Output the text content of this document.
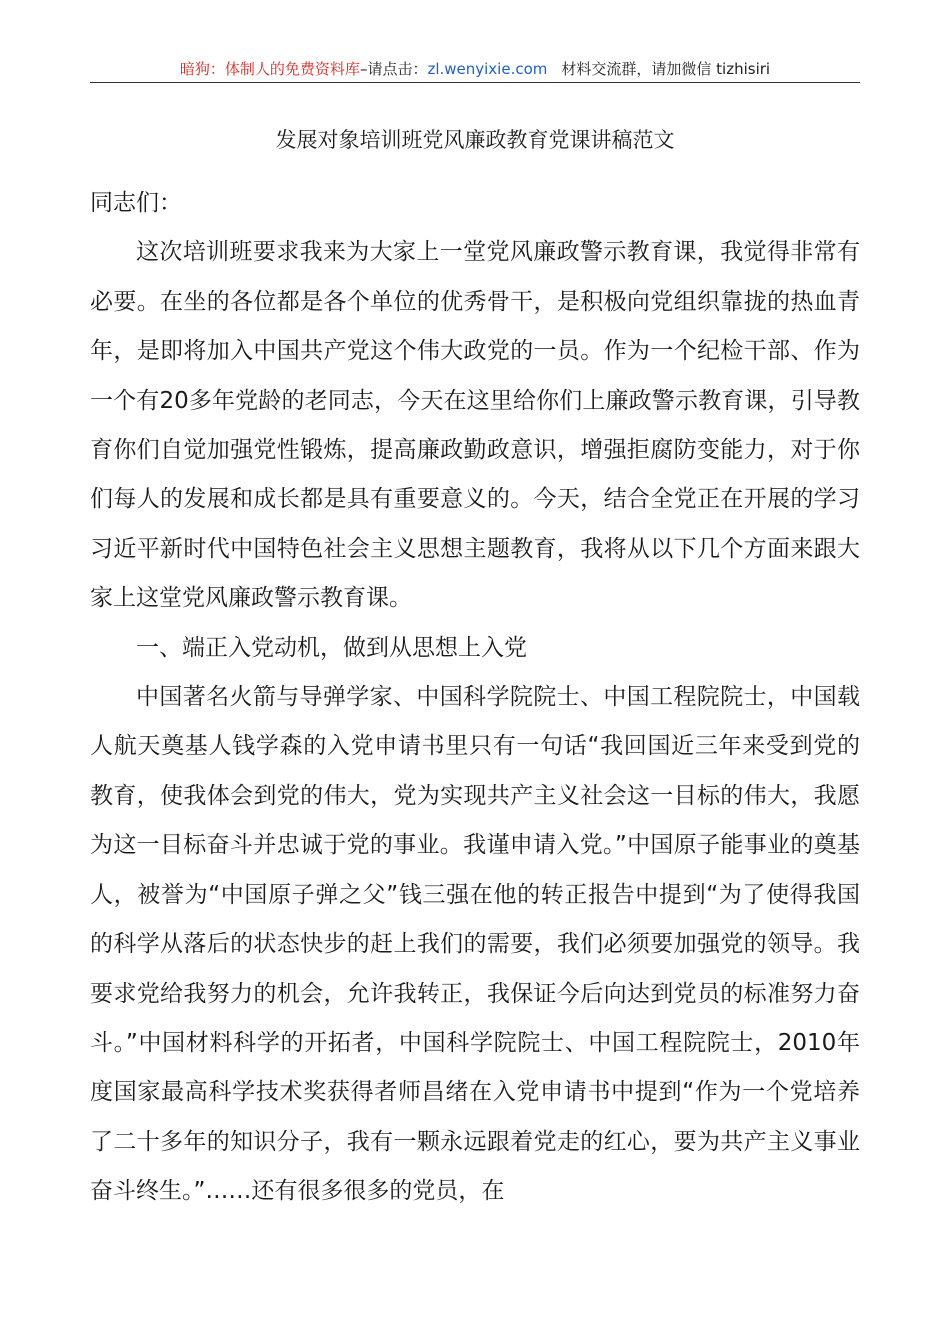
暗狗：体制人的免费资料库–请点击：zl.wenyixie.com 材料交流群，请加微信 tizhisiri
发展对象培训班党风廉政教育党课讲稿范文

同志们：

这次培训班要求我来为大家上一堂党风廉政警示教育课，我觉得非常有必要。在坐的各位都是各个单位的优秀骨干，是积极向党组织靠拢的热血青年，是即将加入中国共产党这个伟大政党的一员。作为一个纪检干部、作为一个有20多年党龄的老同志，今天在这里给你们上廉政警示教育课，引导教育你们自觉加强党性锻炼，提高廉政勤政意识，增强拒腐防变能力，对于你们每人的发展和成长都是具有重要意义的。今天，结合全党正在开展的学习习近平新时代中国特色社会主义思想主题教育，我将从以下几个方面来跟大家上这堂党风廉政警示教育课。

一、端正入党动机，做到从思想上入党

中国著名火箭与导弹学家、中国科学院院士、中国工程院院士，中国载人航天奠基人钱学森的入党申请书里只有一句话“我回国近三年来受到党的教育，使我体会到党的伟大，党为实现共产主义社会这一目标的伟大，我愿为这一目标奋斗并忠诚于党的事业。我谨申请入党。”中国原子能事业的奠基人，被誉为“中国原子弹之父”钱三强在他的转正报告中提到“为了使得我国的科学从落后的状态快步的赶上我们的需要，我们必须要加强党的领导。我要求党给我努力的机会，允许我转正，我保证今后向达到党员的标准努力奋斗。”中国材料科学的开拓者，中国科学院院士、中国工程院院士，2010年度国家最高科学技术奖获得者师昌绪在入党申请书中提到“作为一个党培养了二十多年的知识分子，我有一颗永远跟着党走的红心，要为共产主义事业奋斗终生。”……还有很多很多的党员，在
